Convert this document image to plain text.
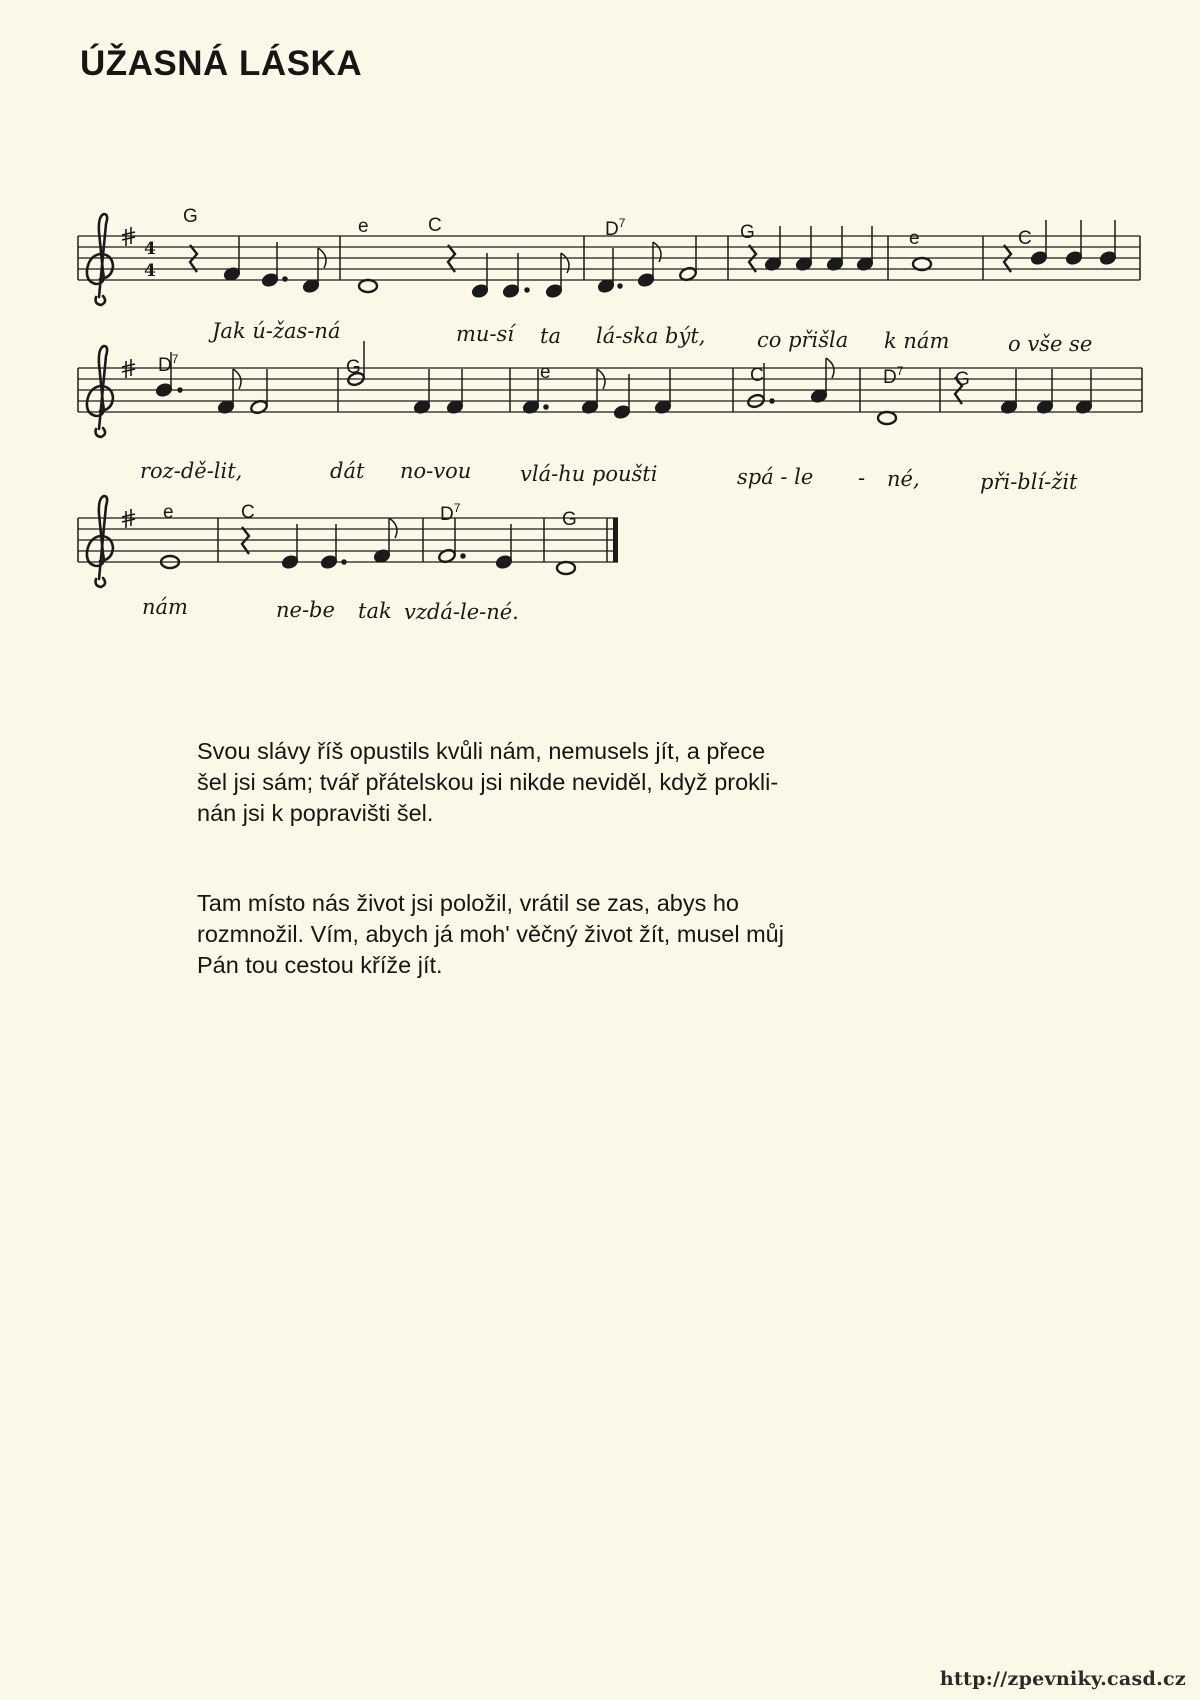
ÚŽASNÁ LÁSKA
4
4
G	e	C	$D^7$	G	e	C
Jak ú-žas-ná	mu-sí ta lá-ska být, co přišla k nám	o vše se
$D^7$	G	e	C	$D^7$	G
roz-dě-lit,	dát no-vou vlá-hu poušti	spá - le - né,	při-blí-žit
e	C	$D^7$
G
nám	ne-be tak vzdá-le-né.
Svou slávy říš opustils kvůli nám, nemusels jít, a přece
šel jsi sám; tvář přátelskou jsi nikde neviděl, když prokli-
nán jsi k popravišti šel.
Tam místo nás život jsi položil, vrátil se zas, abys ho
rozmnožil. Vím, abych já moh' věčný život žít, musel můj
Pán tou cestou kříže jít.
http://zpevniky.casd.cz
